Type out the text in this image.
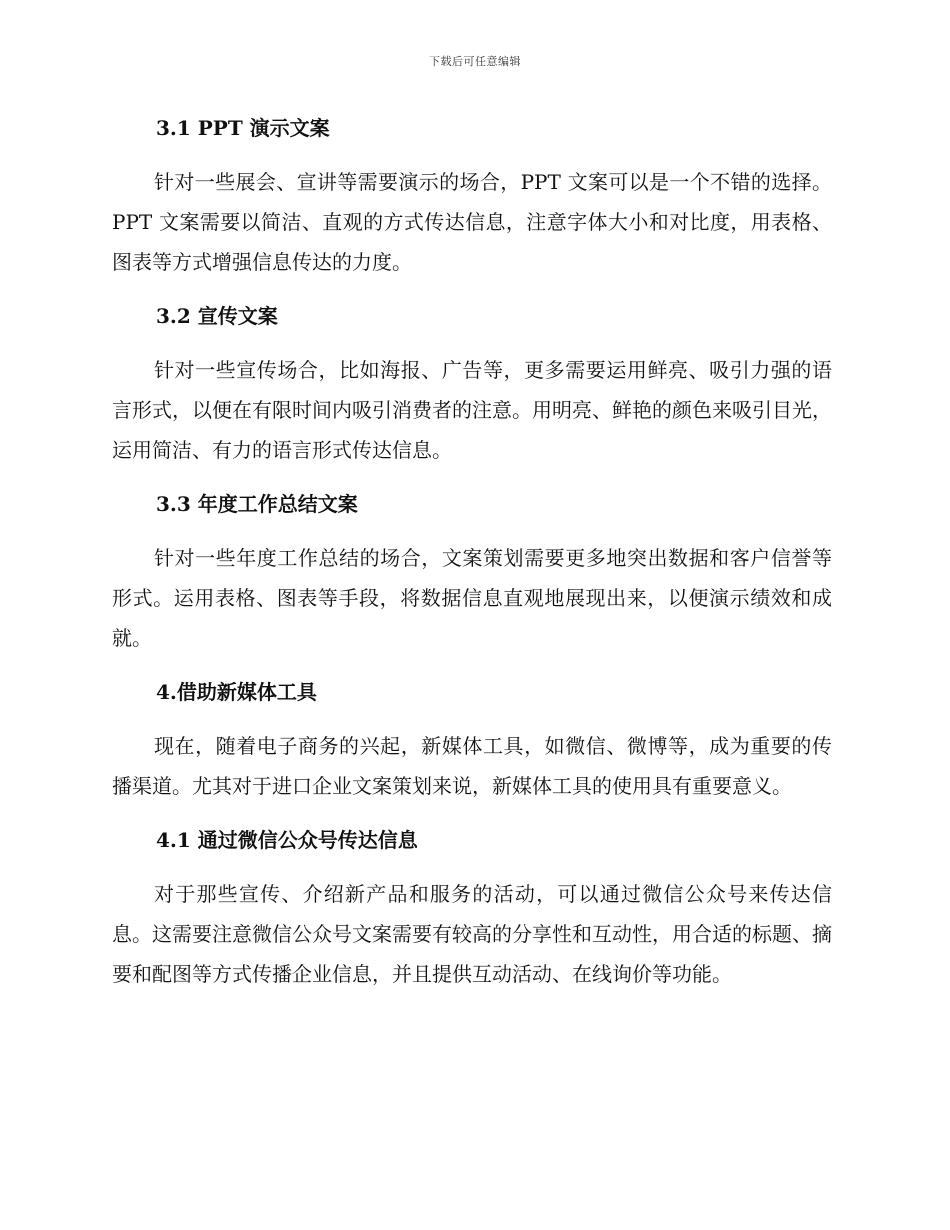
下载后可任意编辑
3.1 PPT 演示文案

针对一些展会、宣讲等需要演示的场合，PPT 文案可以是一个不错的选择。PPT 文案需要以简洁、直观的方式传达信息，注意字体大小和对比度，用表格、图表等方式增强信息传达的力度。

3.2 宣传文案

针对一些宣传场合，比如海报、广告等，更多需要运用鲜亮、吸引力强的语言形式，以便在有限时间内吸引消费者的注意。用明亮、鲜艳的颜色来吸引目光，运用简洁、有力的语言形式传达信息。

3.3 年度工作总结文案

针对一些年度工作总结的场合，文案策划需要更多地突出数据和客户信誉等形式。运用表格、图表等手段，将数据信息直观地展现出来，以便演示绩效和成就。

4.借助新媒体工具

现在，随着电子商务的兴起，新媒体工具，如微信、微博等，成为重要的传播渠道。尤其对于进口企业文案策划来说，新媒体工具的使用具有重要意义。

4.1 通过微信公众号传达信息

对于那些宣传、介绍新产品和服务的活动，可以通过微信公众号来传达信息。这需要注意微信公众号文案需要有较高的分享性和互动性，用合适的标题、摘要和配图等方式传播企业信息，并且提供互动活动、在线询价等功能。
